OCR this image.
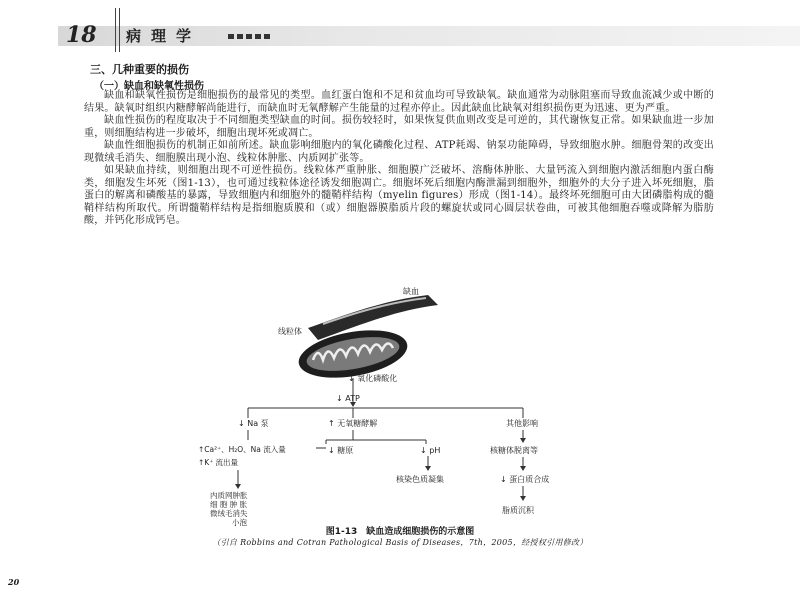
18 病理学
三、几种重要的损伤
（一）缺血和缺氧性损伤

缺血和缺氧性损伤是细胞损伤的最常见的类型。血红蛋白饱和不足和贫血均可导致缺氧。缺血通常为动脉阻塞而导致血流减少或中断的结果。缺氧时组织内糖酵解尚能进行，而缺血时无氧酵解产生能量的过程亦停止。因此缺血比缺氧对组织损伤更为迅速、更为严重。

缺血性损伤的程度取决于不同细胞类型缺血的时间。损伤较轻时，如果恢复供血则改变是可逆的，其代谢恢复正常。如果缺血进一步加重，则细胞结构进一步破坏，细胞出现坏死或凋亡。

缺血性细胞损伤的机制正如前所述。缺血影响细胞内的氧化磷酸化过程、ATP耗竭、钠泵功能障碍，导致细胞水肿。细胞骨架的改变出现微绒毛消失、细胞膜出现小泡、线粒体肿胀、内质网扩张等。

如果缺血持续，则细胞出现不可逆性损伤。线粒体严重肿胀、细胞膜广泛破坏、溶酶体肿胀、大量钙流入到细胞内激活细胞内蛋白酶类，细胞发生坏死（图1-13），也可通过线粒体途径诱发细胞凋亡。细胞坏死后细胞内酶泄漏到细胞外，细胞外的大分子进入坏死细胞，脂蛋白的解离和磷酸基的暴露，导致细胞内和细胞外的髓鞘样结构（myelin figures）形成（图1-14）。最终坏死细胞可由大团磷脂构成的髓鞘样结构所取代。所谓髓鞘样结构是指细胞质膜和（或）细胞器膜脂质片段的螺旋状或同心圆层状卷曲，可被其他细胞吞噬或降解为脂肪酸，并钙化形成钙皂。

缺血
线粒体
↓ 氧化磷酸化
↓ ATP
↓ Na 泵	↑ 无氧糖酵解	其他影响
↑Ca²⁺、H₂O、Na 流入量
↑K⁺ 流出量
内质网肿胀
细 胞 肿 胀
微绒毛消失
小泡
↓ 糖原	↓ pH
核染色质凝集
核糖体脱离等
↓ 蛋白质合成
脂质沉积
图1-13　缺血造成细胞损伤的示意图
（引自 Robbins and Cotran Pathological Basis of Diseases，7th，2005，经授权引用修改）
20
